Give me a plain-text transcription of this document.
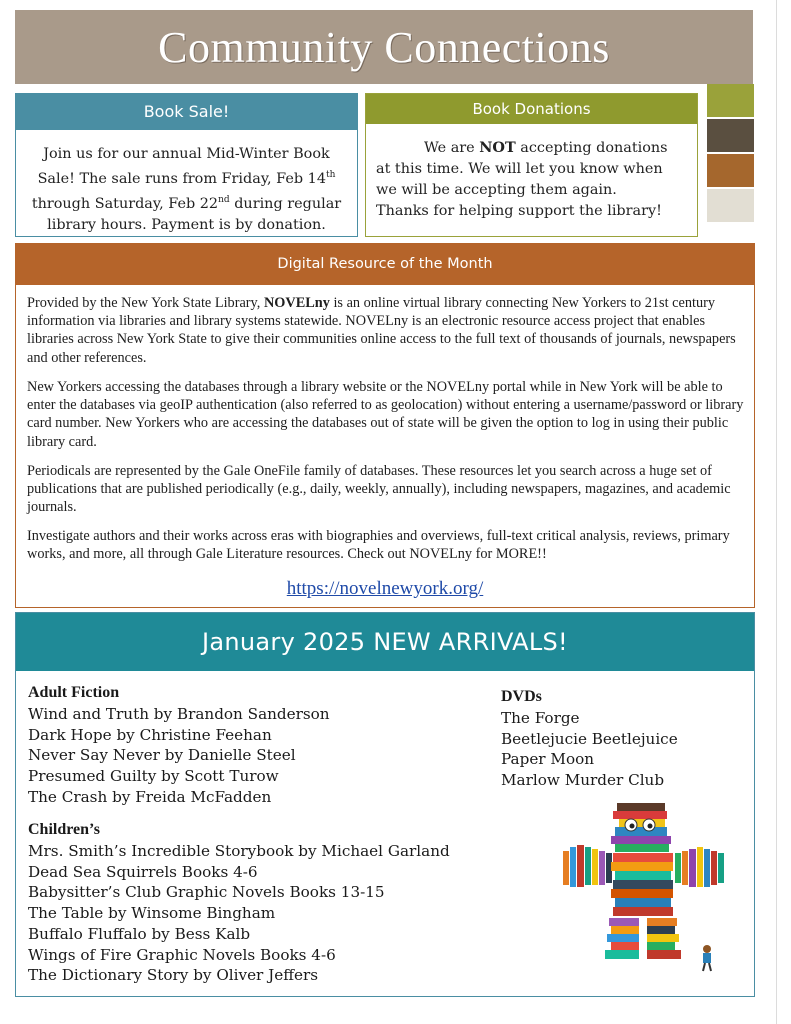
Community Connections
Book Sale!
Join us for our annual Mid-Winter Book
Sale! The sale runs from Friday, Feb 14th
through Saturday, Feb 22nd during regular
library hours. Payment is by donation.
Book Donations
We are NOT accepting donations
at this time. We will let you know when
we will be accepting them again.
Thanks for helping support the library!
Digital Resource of the Month

Provided by the New York State Library, NOVELny is an online virtual library connecting New Yorkers to 21st century information via libraries and library systems statewide. NOVELny is an electronic resource access project that enables libraries across New York State to give their communities online access to the full text of thousands of journals, newspapers and other references.

New Yorkers accessing the databases through a library website or the NOVELny portal while in New York will be able to enter the databases via geoIP authentication (also referred to as geolocation) without entering a username/password or library card number. New Yorkers who are accessing the databases out of state will be given the option to log in using their public library card.

Periodicals are represented by the Gale OneFile family of databases. These resources let you search across a huge set of publications that are published periodically (e.g., daily, weekly, annually), including newspapers, magazines, and academic journals.

Investigate authors and their works across eras with biographies and overviews, full-text critical analysis, reviews, primary works, and more, all through Gale Literature resources. Check out NOVELny for MORE!!

https://novelnewyork.org/
January 2025 NEW ARRIVALS!
Adult Fiction
Wind and Truth by Brandon Sanderson
Dark Hope by Christine Feehan
Never Say Never by Danielle Steel
Presumed Guilty by Scott Turow
The Crash by Freida McFadden
Children’s
Mrs. Smith’s Incredible Storybook by Michael Garland
Dead Sea Squirrels Books 4-6
Babysitter’s Club Graphic Novels Books 13-15
The Table by Winsome Bingham
Buffalo Fluffalo by Bess Kalb
Wings of Fire Graphic Novels Books 4-6
The Dictionary Story by Oliver Jeffers
DVDs
The Forge
Beetlejucie Beetlejuice
Paper Moon
Marlow Murder Club
